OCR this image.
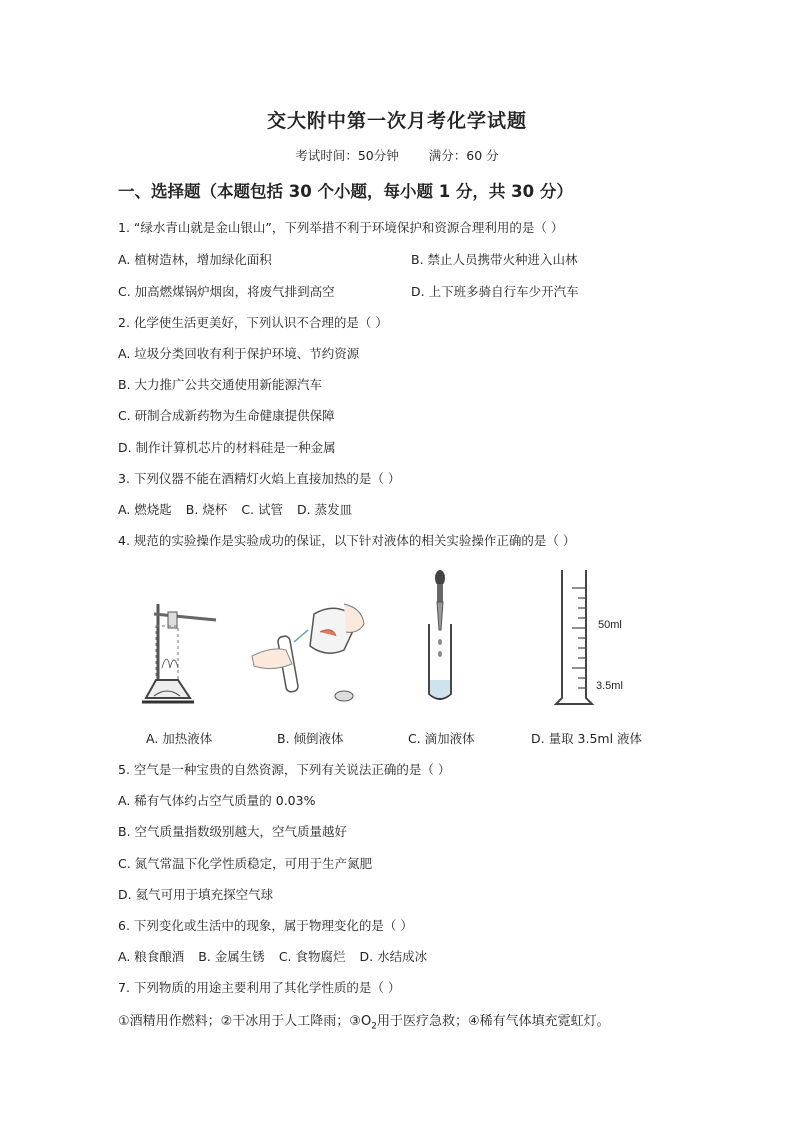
交大附中第一次月考化学试题
考试时间：50分钟 满分：60 分
一、选择题（本题包括 30 个小题，每小题 1 分，共 30 分）
1. “绿水青山就是金山银山”，下列举措不利于环境保护和资源合理利用的是（ ）
A. 植树造林，增加绿化面积	B. 禁止人员携带火种进入山林
C. 加高燃煤锅炉烟囱，将废气排到高空	D. 上下班多骑自行车少开汽车
2. 化学使生活更美好，下列认识不合理的是（ ）
A. 垃圾分类回收有利于保护环境、节约资源
B. 大力推广公共交通使用新能源汽车
C. 研制合成新药物为生命健康提供保障
D. 制作计算机芯片的材料硅是一种金属
3. 下列仪器不能在酒精灯火焰上直接加热的是（ ）
A. 燃烧匙 B. 烧杯 C. 试管 D. 蒸发皿
4. 规范的实验操作是实验成功的保证，以下针对液体的相关实验操作正确的是（ ）
50ml
3.5ml
A. 加热液体	B. 倾倒液体	C. 滴加液体	D. 量取 3.5ml 液体
5. 空气是一种宝贵的自然资源，下列有关说法正确的是（ ）
A. 稀有气体约占空气质量的 0.03%
B. 空气质量指数级别越大，空气质量越好
C. 氮气常温下化学性质稳定，可用于生产氮肥
D. 氦气可用于填充探空气球
6. 下列变化或生活中的现象，属于物理变化的是（ ）
A. 粮食酿酒 B. 金属生锈 C. 食物腐烂 D. 水结成冰
7. 下列物质的用途主要利用了其化学性质的是（ ）
①酒精用作燃料；②干冰用于人工降雨；$③O_2$用于医疗急救；④稀有气体填充霓虹灯。
